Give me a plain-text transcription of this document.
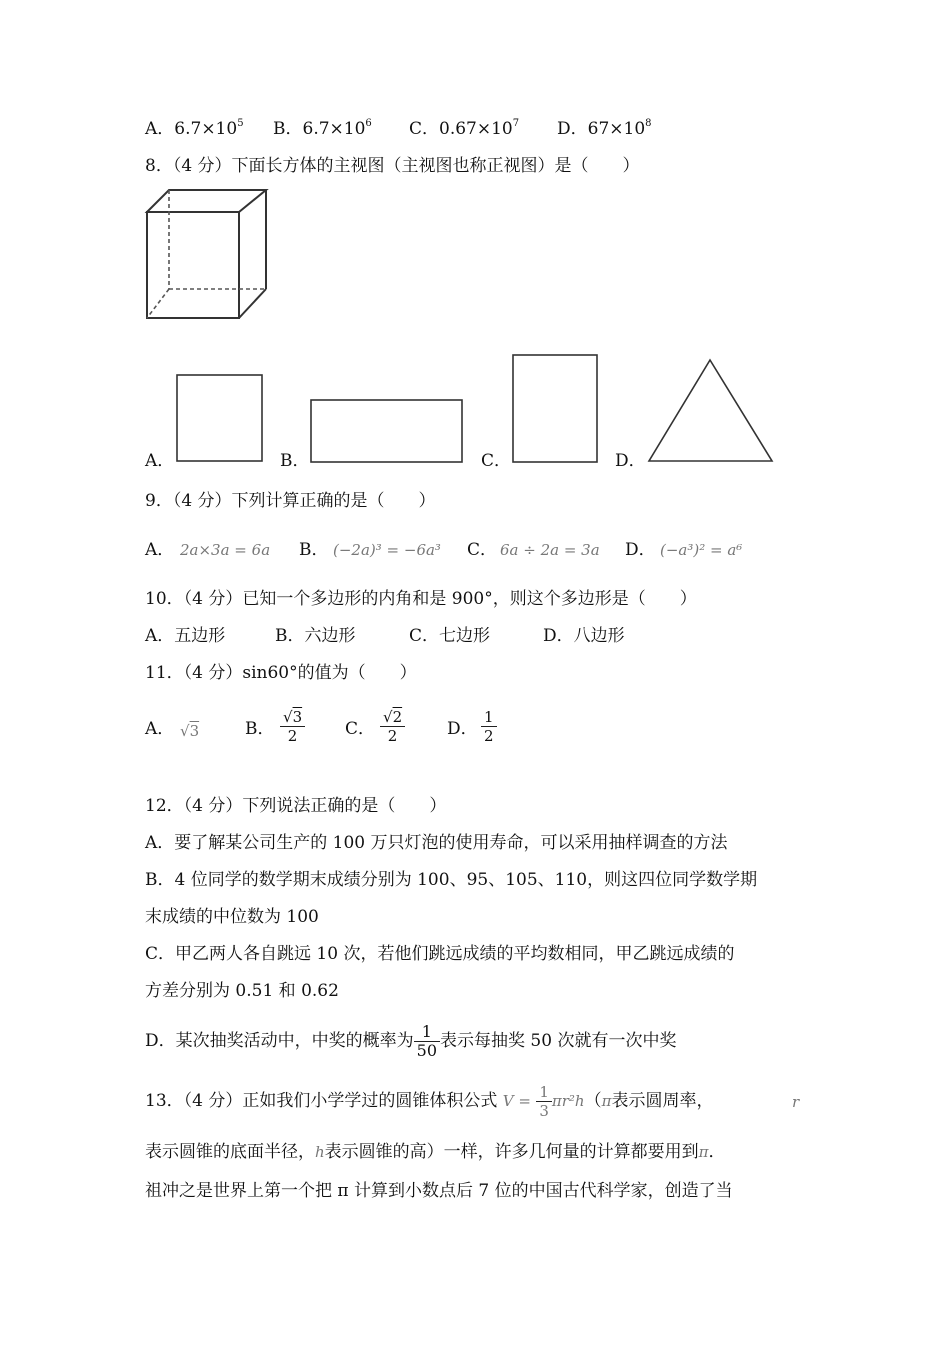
A．$6.7\times 10^5$ B．$6.7\times 10^6$ C．$0.67\times 10^7$ D．$67\times 10^8$
8．（4 分）下面长方体的主视图（主视图也称正视图）是（　　）
A．	B．	C．	D．
9．（4 分）下列计算正确的是（　　）
A． 2a×3a = 6a B． (−2a)³ = −6a³ C． 6a ÷ 2a = 3a D． (−a³)² = a⁶
10．（4 分）已知一个多边形的内角和是 900°，则这个多边形是（　　）
A．五边形	B．六边形	C．七边形	D．八边形
11．（4 分）sin60°的值为（　　）
A． √3	B． $\frac{√3}{2}$ C． $\frac{√2}{2}$ D． $\frac{1}{2}$
12．（4 分）下列说法正确的是（　　）
A．要了解某公司生产的 100 万只灯泡的使用寿命，可以采用抽样调查的方法
B．4 位同学的数学期末成绩分别为 100、95、105、110，则这四位同学数学期
末成绩的中位数为 100
C．甲乙两人各自跳远 10 次，若他们跳远成绩的平均数相同，甲乙跳远成绩的
方差分别为 0.51 和 0.62
D．某次抽奖活动中，中奖的概率为 $\frac{1}{50}$ 表示每抽奖 50 次就有一次中奖
13．（4 分）正如我们小学学过的圆锥体积公式 $V = \frac{1}{3} \pi r^2h(\pi$表示圆周率，	r
表示圆锥的底面半径，h表示圆锥的高）一样，许多几何量的计算都要用到π．
祖冲之是世界上第一个把 π 计算到小数点后 7 位的中国古代科学家，创造了当
